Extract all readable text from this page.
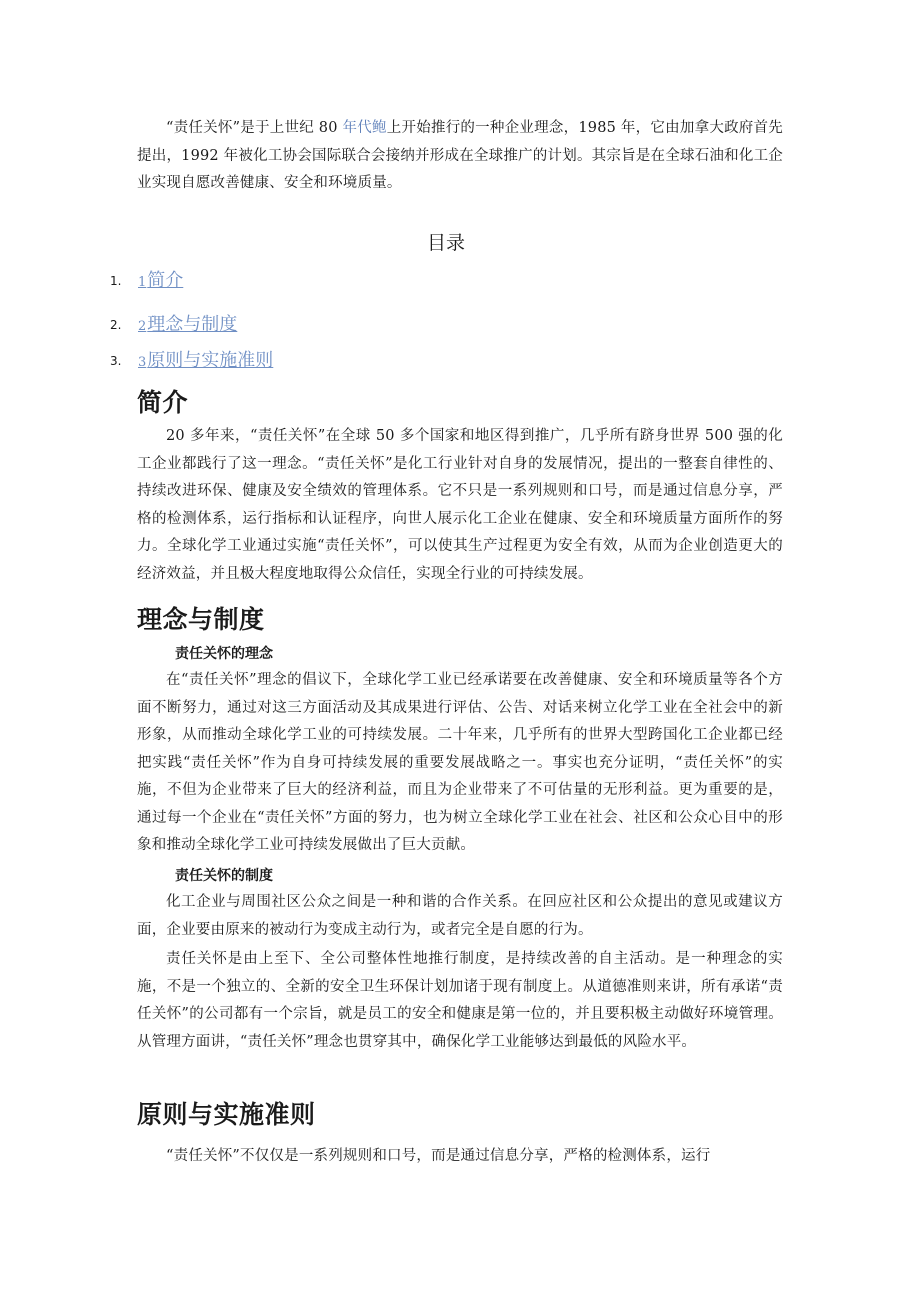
“责任关怀”是于上世纪 80 年代鲍上开始推行的一种企业理念，1985 年，它由加拿大政府首先提出，1992 年被化工协会国际联合会接纳并形成在全球推广的计划。其宗旨是在全球石油和化工企业实现自愿改善健康、安全和环境质量。

目录
1. 1简介
2. 2理念与制度
3. 3原则与实施准则
简介

20 多年来，“责任关怀”在全球 50 多个国家和地区得到推广，几乎所有跻身世界 500 强的化工企业都践行了这一理念。“责任关怀”是化工行业针对自身的发展情况，提出的一整套自律性的、持续改进环保、健康及安全绩效的管理体系。它不只是一系列规则和口号，而是通过信息分享，严格的检测体系，运行指标和认证程序，向世人展示化工企业在健康、安全和环境质量方面所作的努力。全球化学工业通过实施“责任关怀”，可以使其生产过程更为安全有效，从而为企业创造更大的经济效益，并且极大程度地取得公众信任，实现全行业的可持续发展。

理念与制度
责任关怀的理念

在“责任关怀”理念的倡议下，全球化学工业已经承诺要在改善健康、安全和环境质量等各个方面不断努力，通过对这三方面活动及其成果进行评估、公告、对话来树立化学工业在全社会中的新形象，从而推动全球化学工业的可持续发展。二十年来，几乎所有的世界大型跨国化工企业都已经把实践“责任关怀”作为自身可持续发展的重要发展战略之一。事实也充分证明，“责任关怀”的实施，不但为企业带来了巨大的经济利益，而且为企业带来了不可估量的无形利益。更为重要的是，通过每一个企业在“责任关怀”方面的努力，也为树立全球化学工业在社会、社区和公众心目中的形象和推动全球化学工业可持续发展做出了巨大贡献。

责任关怀的制度

化工企业与周围社区公众之间是一种和谐的合作关系。在回应社区和公众提出的意见或建议方面，企业要由原来的被动行为变成主动行为，或者完全是自愿的行为。

责任关怀是由上至下、全公司整体性地推行制度，是持续改善的自主活动。是一种理念的实施，不是一个独立的、全新的安全卫生环保计划加诸于现有制度上。从道德准则来讲，所有承诺“责任关怀”的公司都有一个宗旨，就是员工的安全和健康是第一位的，并且要积极主动做好环境管理。从管理方面讲，“责任关怀”理念也贯穿其中，确保化学工业能够达到最低的风险水平。

原则与实施准则

“责任关怀”不仅仅是一系列规则和口号，而是通过信息分享，严格的检测体系，运行
